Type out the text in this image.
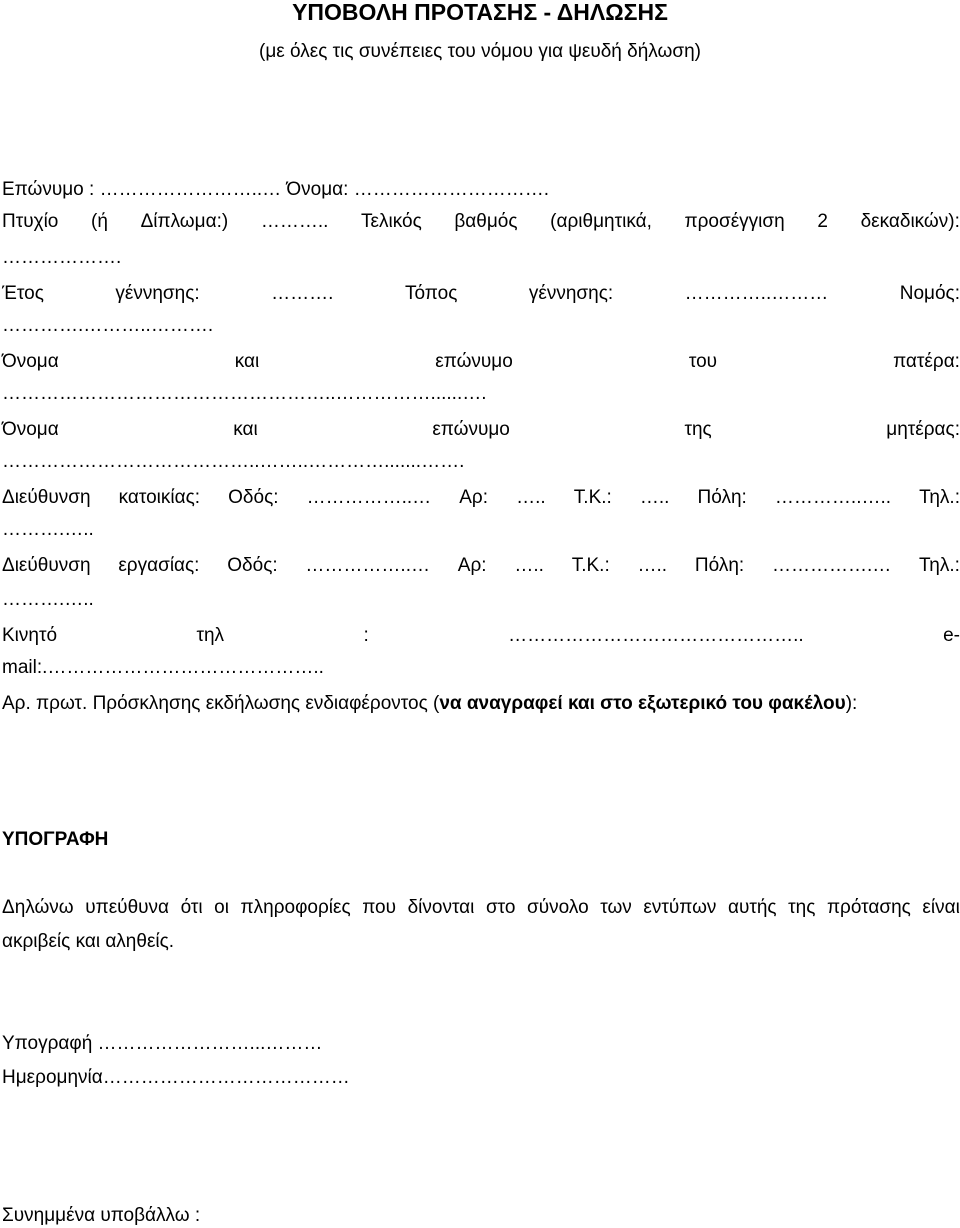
ΥΠΟΒΟΛΗ ΠΡΟΤΑΣΗΣ - ΔΗΛΩΣΗΣ
(με όλες τις συνέπειες του νόμου για ψευδή δήλωση)
Επώνυμο : ……………………..… Όνομα: ………………………….
Πτυχίο (ή Δίπλωμα:) ……….. Τελικός βαθμός (αριθμητικά, προσέγγιση 2 δεκαδικών):
……………….
Έτος	γέννησης:	……….	Τόπος	γέννησης:	…………..………	Νομός:
………….………..……….
Όνομα	και	επώνυμο	του	πατέρα:
……………………………………………..……………......….
Όνομα	και	επώνυμο	της	μητέρας:
…………………………………..……..………….......…….
Διεύθυνση κατοικίας: Οδός: ……………..… Αρ: ….. Τ.Κ.: ….. Πόλη: …………..….. Τηλ.:
……….…..
Διεύθυνση εργασίας: Οδός: ……………..… Αρ: ….. Τ.Κ.: ….. Πόλη: …………….… Τηλ.:
……….…..
Κινητό	τηλ	:	………………………………………..	e-
mail:.……………………………………..
Αρ. πρωτ. Πρόσκλησης εκδήλωσης ενδιαφέροντος (να αναγραφεί και στο εξωτερικό του φακέλου):
ΥΠΟΓΡΑΦΗ
Δηλώνω υπεύθυνα ότι οι πληροφορίες που δίνονται στο σύνολο των εντύπων αυτής της πρότασης είναι
ακριβείς και αληθείς.
Υπογραφή ……………………...………
Ημερομηνία…………………………………
Συνημμένα υποβάλλω :
